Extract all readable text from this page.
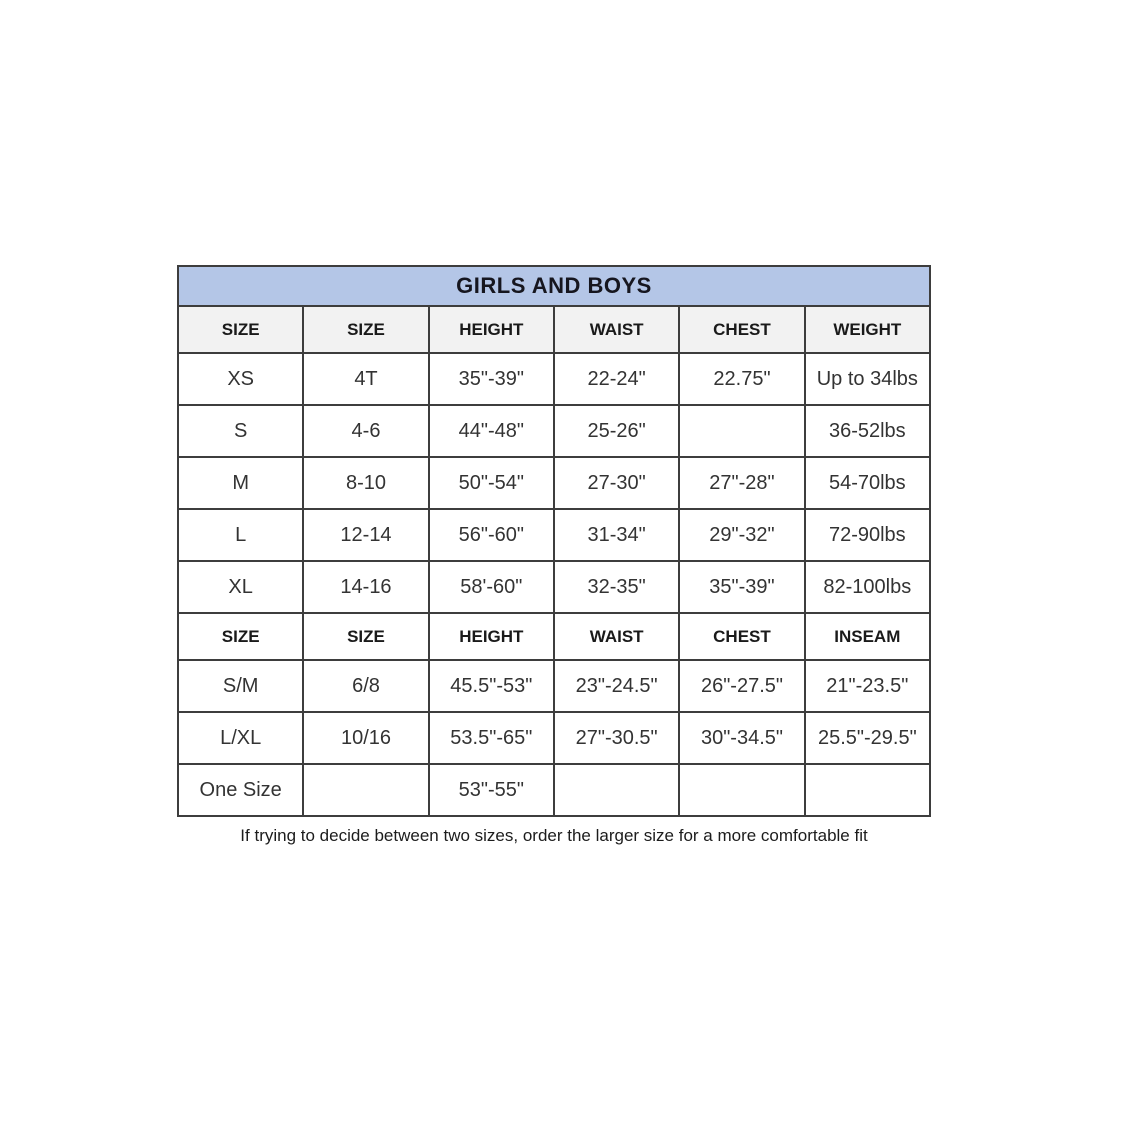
GIRLS AND BOYS					
SIZE	SIZE	HEIGHT	WAIST	CHEST	WEIGHT
XS	4T	35"-39"	22-24"	22.75"	Up to 34lbs
S	4-6	44"-48"	25-26"		36-52lbs
M	8-10	50"-54"	27-30"	27"-28"	54-70lbs
L	12-14	56"-60"	31-34"	29"-32"	72-90lbs
XL	14-16	58'-60"	32-35"	35"-39"	82-100lbs
SIZE	SIZE	HEIGHT	WAIST	CHEST	INSEAM
S/M	6/8	45.5"-53"	23"-24.5"	26"-27.5"	21"-23.5"
L/XL	10/16	53.5"-65"	27"-30.5"	30"-34.5"	25.5"-29.5"
One Size		53"-55"			
If trying to decide between two sizes, order the larger size for a more comfortable fit
